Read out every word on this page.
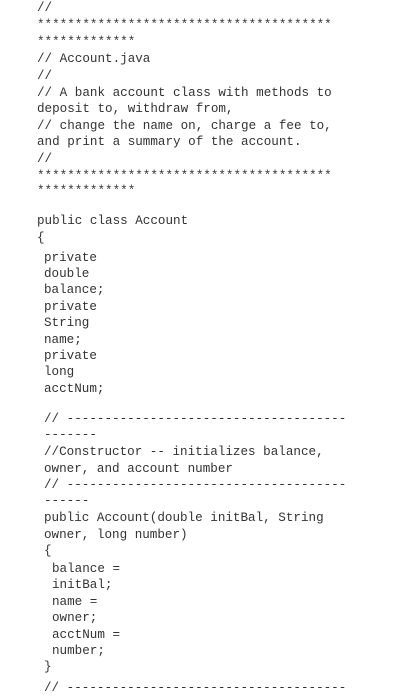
//
***************************************
*************
// Account.java
//
// A bank account class with methods to
deposit to, withdraw from,
// change the name on, charge a fee to,
and print a summary of the account.
//
***************************************
*************
public class Account
{
private
double
balance;
private
String
name;
private
long
acctNum;
// -------------------------------------
-------
//Constructor -- initializes balance,
owner, and account number
// -------------------------------------
------
public Account(double initBal, String
owner, long number)
{
balance =
initBal;
name =
owner;
acctNum =
number;
}
// -------------------------------------
